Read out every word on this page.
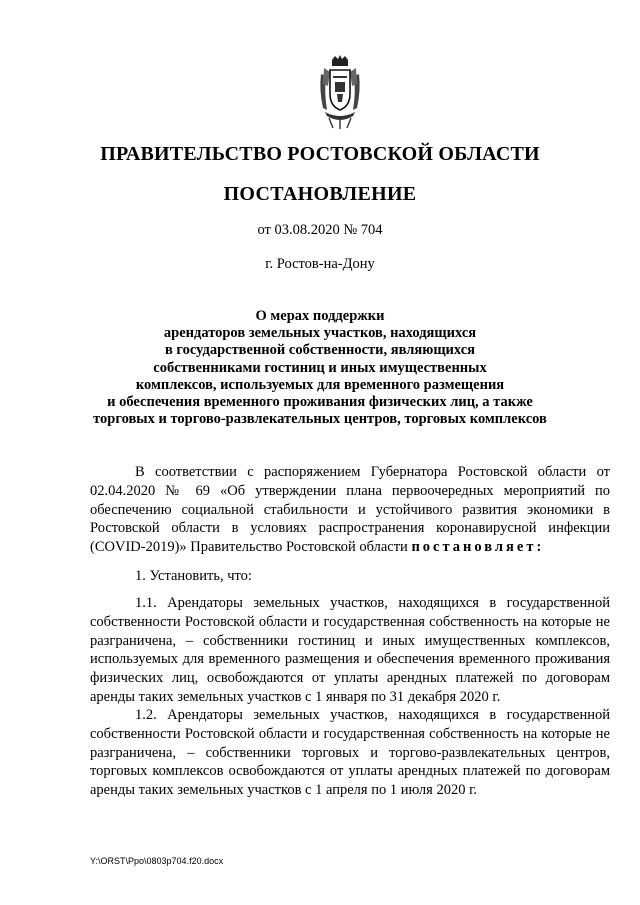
ПРАВИТЕЛЬСТВО РОСТОВСКОЙ ОБЛАСТИ
ПОСТАНОВЛЕНИЕ
от 03.08.2020 № 704
г. Ростов-на-Дону
О мерах поддержки
арендаторов земельных участков, находящихся
в государственной собственности, являющихся
собственниками гостиниц и иных имущественных
комплексов, используемых для временного размещения
и обеспечения временного проживания физических лиц, а также
торговых и торгово-развлекательных центров, торговых комплексов

В соответствии с распоряжением Губернатора Ростовской области от 02.04.2020 № 69 «Об утверждении плана первоочередных мероприятий по обеспечению социальной стабильности и устойчивого развития экономики в Ростовской области в условиях распространения коронавирусной инфекции (COVID-2019)» Правительство Ростовской области постановляет:

1. Установить, что:

1.1. Арендаторы земельных участков, находящихся в государственной собственности Ростовской области и государственная собственность на которые не разграничена, – собственники гостиниц и иных имущественных комплексов, используемых для временного размещения и обеспечения временного проживания физических лиц, освобождаются от уплаты арендных платежей по договорам аренды таких земельных участков с 1 января по 31 декабря 2020 г.

1.2. Арендаторы земельных участков, находящихся в государственной собственности Ростовской области и государственная собственность на которые не разграничена, – собственники торговых и торгово-развлекательных центров, торговых комплексов освобождаются от уплаты арендных платежей по договорам аренды таких земельных участков с 1 апреля по 1 июля 2020 г.

Y:\ORST\Ppo\0803p704.f20.docx
